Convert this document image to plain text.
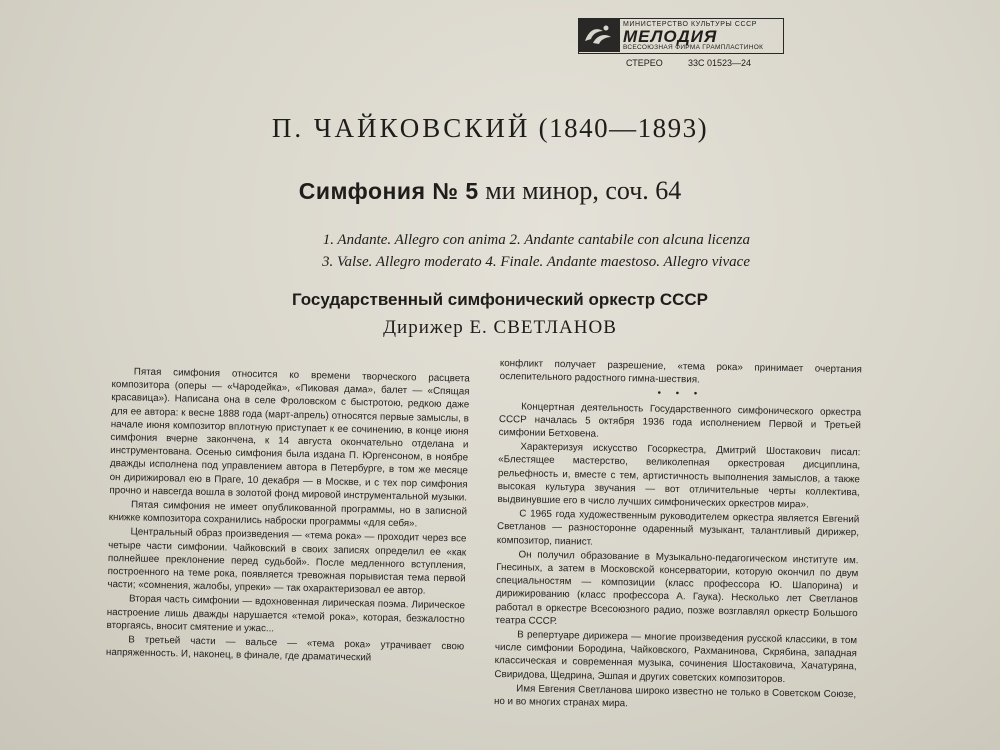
МИНИСТЕРСТВО КУЛЬТУРЫ СССР
МЕЛОДИЯ
ВСЕСОЮЗНАЯ ФИРМА ГРАМПЛАСТИНОК
СТЕРЕО	33С 01523—24
П. ЧАЙКОВСКИЙ (1840—1893)
Симфония № 5 ми минор, соч. 64
1. Andante. Allegro con anima 2. Andante cantabile con alcuna licenza
3. Valse. Allegro moderato 4. Finale. Andante maestoso. Allegro vivace
Государственный симфонический оркестр СССР
Дирижер Е. СВЕТЛАНОВ

Пятая симфония относится ко времени творческого расцвета композитора (оперы — «Чародейка», «Пиковая дама», балет — «Спящая красавица»). Написана она в селе Фроловском с быстротою, редкою даже для ее автора: к весне 1888 года (март-апрель) относятся первые замыслы, в начале июня композитор вплотную приступает к ее сочинению, в конце июня симфония вчерне закончена, к 14 августа окончательно отделана и инструментована. Осенью симфония была издана П. Юргенсоном, в ноябре дважды исполнена под управлением автора в Петербурге, в том же месяце он дирижировал ею в Праге, 10 декабря — в Москве, и с тех пор симфония прочно и навсегда вошла в золотой фонд мировой инструментальной музыки.

Пятая симфония не имеет опубликованной программы, но в записной книжке композитора сохранились наброски программы «для себя».

Центральный образ произведения — «тема рока» — проходит через все четыре части симфонии. Чайковский в своих записях определил ее «как полнейшее преклонение перед судьбой». После медленного вступления, построенного на теме рока, появляется тревожная порывистая тема первой части; «сомнения, жалобы, упреки» — так охарактеризовал ее автор.

Вторая часть симфонии — вдохновенная лирическая поэма. Лирическое настроение лишь дважды нарушается «темой рока», которая, безжалостно вторгаясь, вносит смятение и ужас...

В третьей части — вальсе — «тема рока» утрачивает свою напряженность. И, наконец, в финале, где драматический

конфликт получает разрешение, «тема рока» принимает очертания ослепительного радостного гимна-шествия.

• • •

Концертная деятельность Государственного симфонического оркестра СССР началась 5 октября 1936 года исполнением Первой и Третьей симфонии Бетховена.

Характеризуя искусство Госоркестра, Дмитрий Шостакович писал: «Блестящее мастерство, великолепная оркестровая дисциплина, рельефность и, вместе с тем, артистичность выполнения замыслов, а также высокая культура звучания — вот отличительные черты коллектива, выдвинувшие его в число лучших симфонических оркестров мира».

С 1965 года художественным руководителем оркестра является Евгений Светланов — разносторонне одаренный музыкант, талантливый дирижер, композитор, пианист.

Он получил образование в Музыкально-педагогическом институте им. Гнесиных, а затем в Московской консерватории, которую окончил по двум специальностям — композиции (класс профессора Ю. Шапорина) и дирижированию (класс профессора А. Гаука). Несколько лет Светланов работал в оркестре Всесоюзного радио, позже возглавлял оркестр Большого театра СССР.

В репертуаре дирижера — многие произведения русской классики, в том числе симфонии Бородина, Чайковского, Рахманинова, Скрябина, западная классическая и современная музыка, сочинения Шостаковича, Хачатуряна, Свиридова, Щедрина, Эшпая и других советских композиторов.

Имя Евгения Светланова широко известно не только в Советском Союзе, но и во многих странах мира.
